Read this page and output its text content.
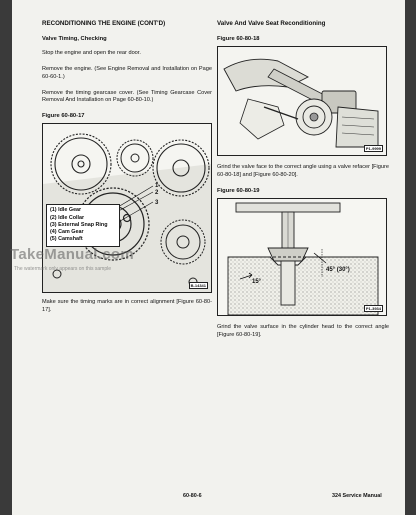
RECONDITIONING THE ENGINE (CONT'D)
Valve Timing, Checking
Stop the engine and open the rear door.
Remove the engine. (See Engine Removal and Installation on Page 60-60-1.)
Remove the timing gearcase cover. (See Timing Gearcase Cover Removal And Installation on Page 60-80-10.)
Figure 60-80-17
1
2
3
(1) Idle Gear
(2) Idle Collar
(3) External Snap Ring
(4) Cam Gear
(5) Camshaft
B-14341
Make sure the timing marks are in correct alignment [Figure 60-80-17].
Valve And Valve Seat Reconditioning
Figure 60-80-18
P1-9999
Grind the valve face to the correct angle using a valve refacer [Figure 60-80-18] and [Figure 60-80-20].
Figure 60-80-19
15°
45° (30°)
P1-3934
Grind the valve surface in the cylinder head to the correct angle [Figure 60-80-19].
60-80-6	324 Service Manual
TakeManual.com
The watermark only appears on this sample
